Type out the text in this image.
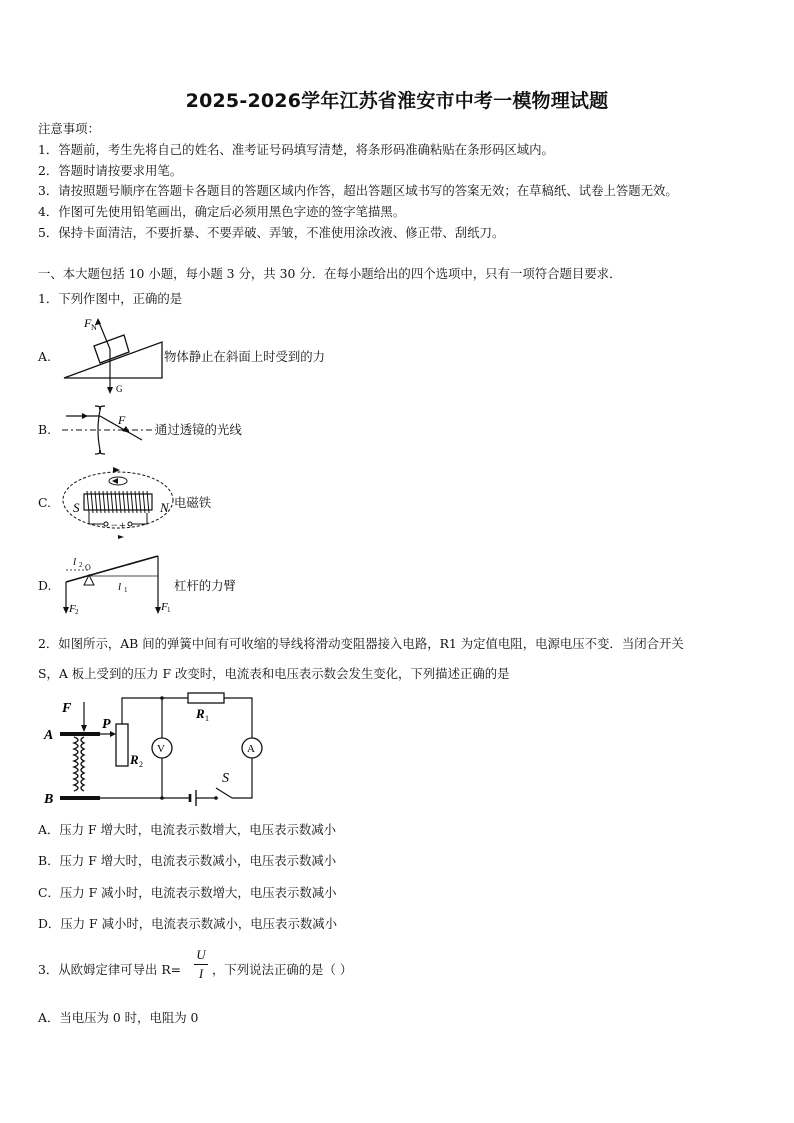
2025-2026学年江苏省淮安市中考一模物理试题
注意事项：
1．答题前，考生先将自己的姓名、准考证号码填写清楚，将条形码准确粘贴在条形码区域内。
2．答题时请按要求用笔。
3．请按照题号顺序在答题卡各题目的答题区域内作答，超出答题区域书写的答案无效；在草稿纸、试卷上答题无效。
4．作图可先使用铅笔画出，确定后必须用黑色字迹的签字笔描黑。
5．保持卡面清洁，不要折暴、不要弄破、弄皱，不准使用涂改液、修正带、刮纸刀。
一、本大题包括 10 小题，每小题 3 分，共 30 分．在每小题给出的四个选项中，只有一项符合题目要求．
1．下列作图中，正确的是
A.
F N
G
物体静止在斜面上时受到的力
B.
F
通过透镜的光线
C. S	N
− +
电磁铁
D.
l 2
l 1
O
F 2	F 1
杠杆的力臂
2．如图所示，AB 间的弹簧中间有可收缩的导线将滑动变阻器接入电路，R1 为定值电阻，电源电压不变．当闭合开关
S，A 板上受到的压力 F 改变时，电流表和电压表示数会发生变化，下列描述正确的是
F
A
B
P
R 2
R 1
V	A
S
A．压力 F 增大时，电流表示数增大，电压表示数减小
B．压力 F 增大时，电流表示数减小，电压表示数减小
C．压力 F 减小时，电流表示数增大，电压表示数减小
D．压力 F 减小时，电流表示数减小，电压表示数减小
3．从欧姆定律可导出 R=
U
I ，下列说法正确的是（ ）
A．当电压为 0 时，电阻为 0
